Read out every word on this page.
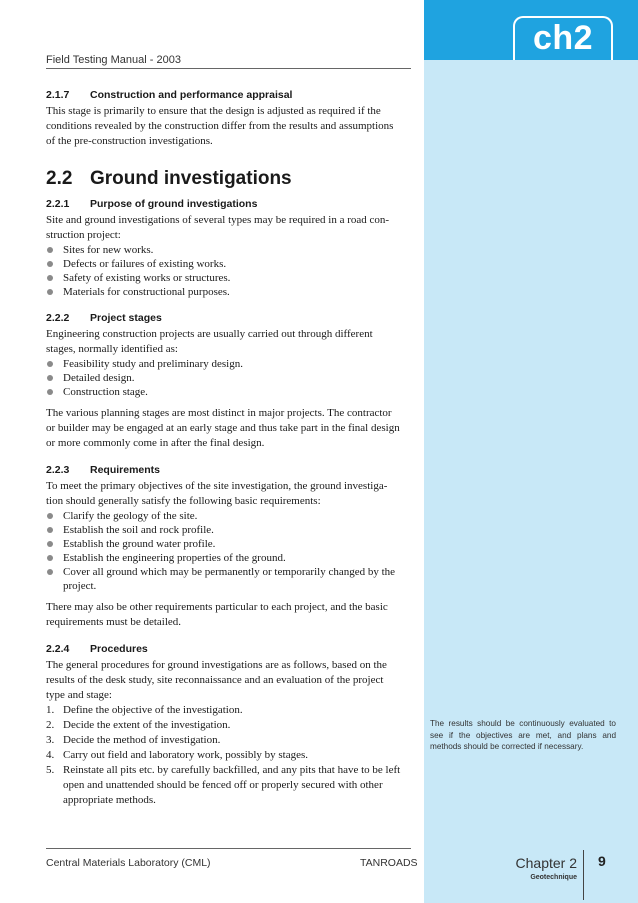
ch2
Field Testing Manual - 2003
2.1.7	Construction and performance appraisal

This stage is primarily to ensure that the design is adjusted as required if the
conditions revealed by the construction differ from the results and assumptions
of the pre-construction investigations.

2.2 Ground investigations
2.2.1	Purpose of ground investigations

Site and ground investigations of several types may be required in a road con-
struction project:

Sites for new works.
Defects or failures of existing works.
Safety of existing works or structures.
Materials for constructional purposes.
2.2.2	Project stages

Engineering construction projects are usually carried out through different
stages, normally identified as:

Feasibility study and preliminary design.
Detailed design.
Construction stage.

The various planning stages are most distinct in major projects. The contractor
or builder may be engaged at an early stage and thus take part in the final design
or more commonly come in after the final design.

2.2.3	Requirements

To meet the primary objectives of the site investigation, the ground investiga-
tion should generally satisfy the following basic requirements:

Clarify the geology of the site.
Establish the soil and rock profile.
Establish the ground water profile.
Establish the engineering properties of the ground.
Cover all ground which may be permanently or temporarily changed by the project.

There may also be other requirements particular to each project, and the basic
requirements must be detailed.

2.2.4	Procedures

The general procedures for ground investigations are as follows, based on the
results of the desk study, site reconnaissance and an evaluation of the project
type and stage:

1. Define the objective of the investigation.
2. Decide the extent of the investigation.
3. Decide the method of investigation.
4. Carry out field and laboratory work, possibly by stages.
5. Reinstate all pits etc. by carefully backfilled, and any pits that have to be left open and unattended should be fenced off or properly secured with other appropriate methods.
The results should be continuously evaluated to see if the objectives are met, and plans and methods should be corrected if necessary.
Central Materials Laboratory (CML)	TANROADS	Chapter 2
Geotechnique
9
